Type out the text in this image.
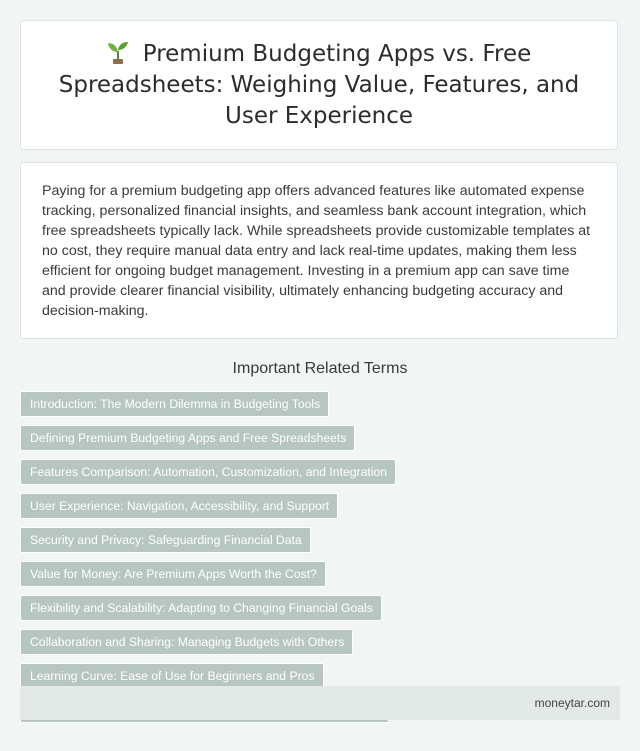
Premium Budgeting Apps vs. Free Spreadsheets: Weighing Value, Features, and User Experience

Paying for a premium budgeting app offers advanced features like automated expense tracking, personalized financial insights, and seamless bank account integration, which free spreadsheets typically lack. While spreadsheets provide customizable templates at no cost, they require manual data entry and lack real-time updates, making them less efficient for ongoing budget management. Investing in a premium app can save time and provide clearer financial visibility, ultimately enhancing budgeting accuracy and decision-making.

Important Related Terms
Introduction: The Modern Dilemma in Budgeting Tools
Defining Premium Budgeting Apps and Free Spreadsheets
Features Comparison: Automation, Customization, and Integration
User Experience: Navigation, Accessibility, and Support
Security and Privacy: Safeguarding Financial Data
Value for Money: Are Premium Apps Worth the Cost?
Flexibility and Scalability: Adapting to Changing Financial Goals
Collaboration and Sharing: Managing Budgets with Others
Learning Curve: Ease of Use for Beginners and Pros
moneytar.com
